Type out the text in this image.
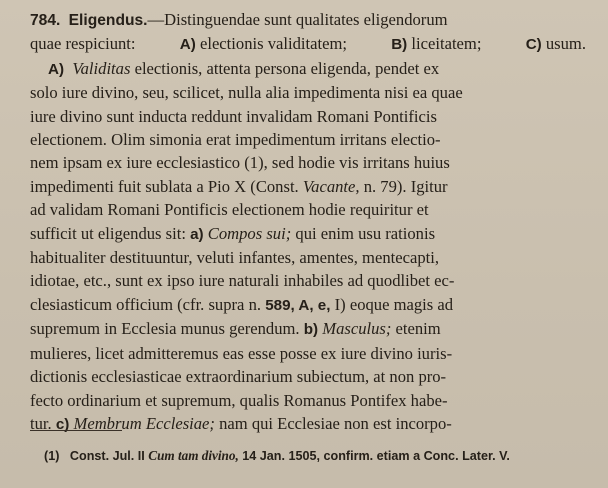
784. Eligendus.—Distinguendae sunt qualitates eligendorum
quae respiciunt:	A) electionis validitatem;	B) liceitatem;	C) usum.
A) Validitas electionis, attenta persona eligenda, pendet ex
solo iure divino, seu, scilicet, nulla alia impedimenta nisi ea quae
iure divino sunt inducta reddunt invalidam Romani Pontificis
electionem. Olim simonia erat impedimentum irritans electio-
nem ipsam ex iure ecclesiastico (1), sed hodie vis irritans huius
impedimenti fuit sublata a Pio X (Const. Vacante, n. 79). Igitur
ad validam Romani Pontificis electionem hodie requiritur et
sufficit ut eligendus sit: a) Compos sui; qui enim usu rationis
habitualiter destituuntur, veluti infantes, amentes, mentecapti,
idiotae, etc., sunt ex ipso iure naturali inhabiles ad quodlibet ec-
clesiasticum officium (cfr. supra n. 589, A, e, I) eoque magis ad
supremum in Ecclesia munus gerendum. b) Masculus; etenim
mulieres, licet admitteremus eas esse posse ex iure divino iuris-
dictionis ecclesiasticae extraordinarium subiectum, at non pro-
fecto ordinarium et supremum, qualis Romanus Pontifex habe-
tur. c) Membrum Ecclesiae; nam qui Ecclesiae non est incorpo-
(1) Const. Jul. II Cum tam divino, 14 Jan. 1505, confirm. etiam a Conc. Later. V.
